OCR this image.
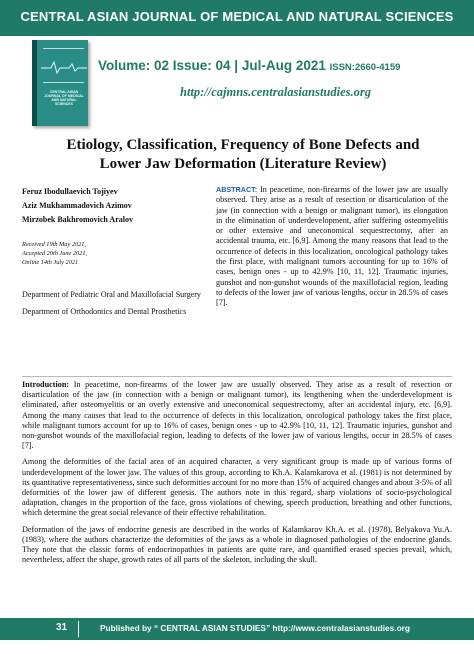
CENTRAL ASIAN JOURNAL OF MEDICAL AND NATURAL SCIENCES
CENTRAL ASIAN JOURNAL OF MEDICAL AND NATURAL SCIENCES
Volume: 02 Issue: 04 | Jul-Aug 2021 ISSN:2660-4159
http://cajmns.centralasianstudies.org
Etiology, Classification, Frequency of Bone Defects and
Lower Jaw Deformation (Literature Review)
Feruz Ibodullaevich Tojiyev
Aziz Mukhammadovich Azimov
Mirzobek Bakhromovich Aralov
Received 19th May 2021,
Accepted 20th June 2021,
Online 14th July 2021

Department of Pediatric Oral and Maxillofacial Surgery

Department of Orthodontics and Dental Prosthetics

ABSTRACT: In peacetime, non-firearms of the lower jaw are usually observed. They arise as a result of resection or disarticulation of the jaw (in connection with a benign or malignant tumor), its elongation in the elimination of underdevelopment, after suffering osteomyelitis or other extensive and uneconomical sequestrectomy, after an accidental trauma, etc. [6,9]. Among the many reasons that lead to the occurrence of defects in this localization, oncological pathology takes the first place, with malignant tumors accounting for up to 16% of cases, benign ones - up to 42.9% [10, 11, 12]. Traumatic injuries, gunshot and non-gunshot wounds of the maxillofacial region, leading to defects of the lower jaw of various lengths, occur in 28.5% of cases [7].

Introduction: In peacetime, non-firearms of the lower jaw are usually observed. They arise as a result of resection or disarticulation of the jaw (in connection with a benign or malignant tumor), its lengthening when the underdevelopment is eliminated, after osteomyelitis or an overly extensive and uneconomical sequestrectomy, after an accidental injury, etc. [6,9]. Among the many causes that lead to the occurrence of defects in this localization, oncological pathology takes the first place, while malignant tumors account for up to 16% of cases, benign ones - up to 42.9% [10, 11, 12]. Traumatic injuries, gunshot and non-gunshot wounds of the maxillofacial region, leading to defects of the lower jaw of various lengths, occur in 28.5% of cases [7].

Among the deformities of the facial area of an acquired character, a very significant group is made up of various forms of underdevelopment of the lower jaw. The values of this group, according to Kh.A. Kalamkarova et al. (1981) is not determined by its quantitative representativeness, since such deformities account for no more than 15% of acquired changes and about 3-5% of all deformities of the lower jaw of different genesis. The authors note in this regard, sharp violations of socio-psychological adaptation, changes in the proportion of the face, gross violations of chewing, speech production, breathing and other functions, which determine the great social relevance of their effective rehabilitation.

Deformation of the jaws of endocrine genesis are described in the works of Kalamkarov Kh.A. et al. (1978), Belyakova Yu.A. (1983), where the authors characterize the deformities of the jaws as a whole in diagnosed pathologies of the endocrine glands. They note that the classic forms of endocrinopathies in patients are quite rare, and quantified erased species prevail, which, nevertheless, affect the shape, growth rates of all parts of the skeleton, including the skull.

31	Published by “ CENTRAL ASIAN STUDIES” http://www.centralasianstudies.org
